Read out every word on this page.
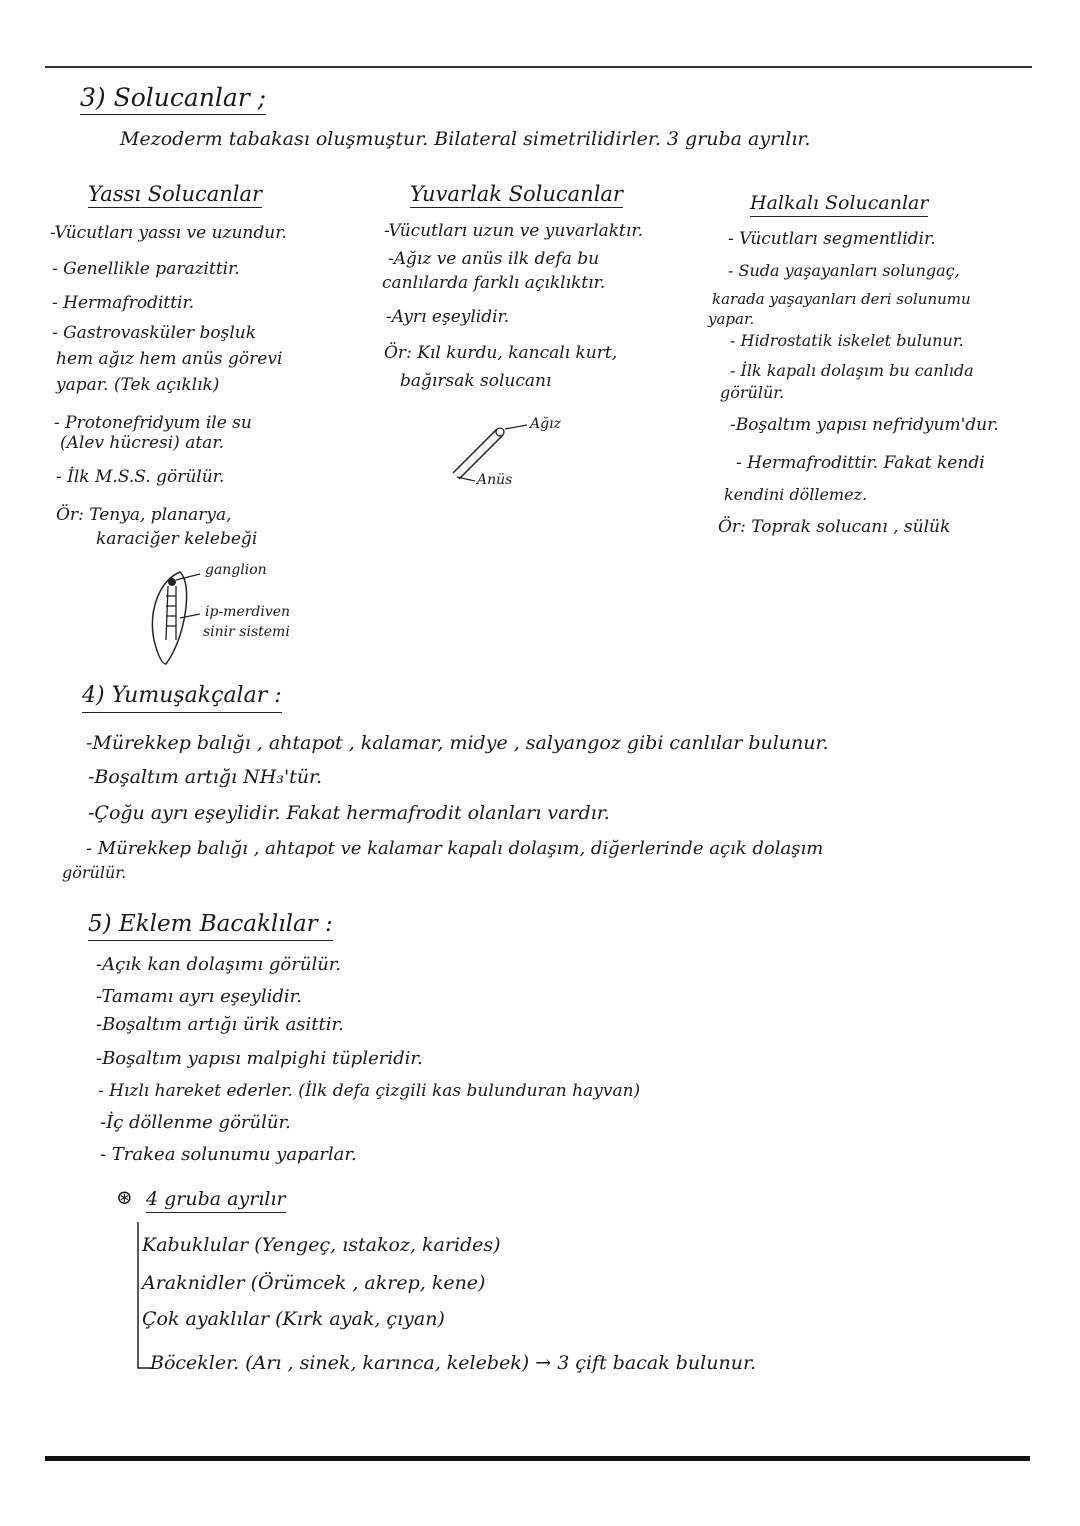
3) Solucanlar ;
Mezoderm tabakası oluşmuştur. Bilateral simetrilidirler. 3 gruba ayrılır.
Yassı Solucanlar
-Vücutları yassı ve uzundur.
- Genellikle parazittir.
- Hermafrodittir.
- Gastrovasküler boşluk
hem ağız hem anüs görevi
yapar. (Tek açıklık)
- Protonefridyum ile su
(Alev hücresi) atar.
- İlk M.S.S. görülür.
Ör: Tenya, planarya,
karaciğer kelebeği
ganglion
ip-merdiven
sinir sistemi
Yuvarlak Solucanlar
-Vücutları uzun ve yuvarlaktır.
-Ağız ve anüs ilk defa bu
canlılarda farklı açıklıktır.
-Ayrı eşeylidir.
Ör: Kıl kurdu, kancalı kurt,
bağırsak solucanı
Ağız
Anüs
Halkalı Solucanlar
- Vücutları segmentlidir.
- Suda yaşayanları solungaç,
karada yaşayanları deri solunumu
yapar.
- Hidrostatik iskelet bulunur.
- İlk kapalı dolaşım bu canlıda
görülür.
-Boşaltım yapısı nefridyum'dur.
- Hermafrodittir. Fakat kendi
kendini döllemez.
Ör: Toprak solucanı , sülük
4) Yumuşakçalar :
-Mürekkep balığı , ahtapot , kalamar, midye , salyangoz gibi canlılar bulunur.
-Boşaltım artığı NH₃'tür.
-Çoğu ayrı eşeylidir. Fakat hermafrodit olanları vardır.
- Mürekkep balığı , ahtapot ve kalamar kapalı dolaşım, diğerlerinde açık dolaşım
görülür.
5) Eklem Bacaklılar :
-Açık kan dolaşımı görülür.
-Tamamı ayrı eşeylidir.
-Boşaltım artığı ürik asittir.
-Boşaltım yapısı malpighi tüpleridir.
- Hızlı hareket ederler. (İlk defa çizgili kas bulunduran hayvan)
-İç döllenme görülür.
- Trakea solunumu yaparlar.
⊛ 4 gruba ayrılır
Kabuklular (Yengeç, ıstakoz, karides)
Araknidler (Örümcek , akrep, kene)
Çok ayaklılar (Kırk ayak, çıyan)
Böcekler. (Arı , sinek, karınca, kelebek) → 3 çift bacak bulunur.
